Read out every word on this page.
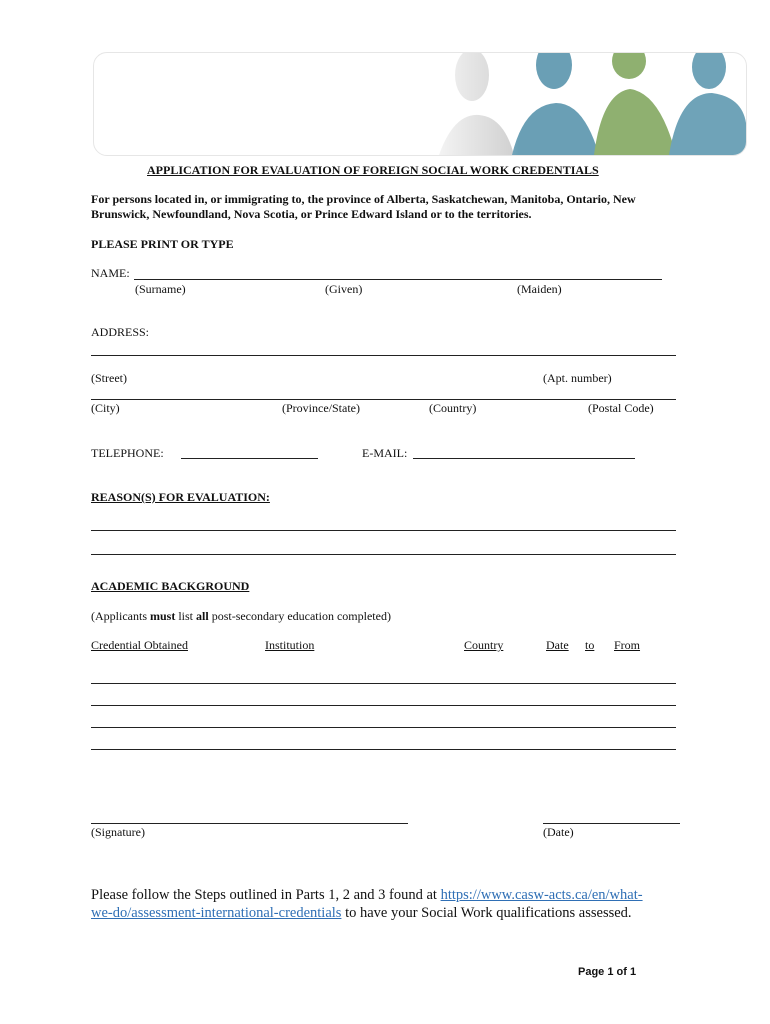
APPLICATION FOR EVALUATION OF FOREIGN SOCIAL WORK CREDENTIALS
For persons located in, or immigrating to, the province of Alberta, Saskatchewan, Manitoba, Ontario, New
Brunswick, Newfoundland, Nova Scotia, or Prince Edward Island or to the territories.
PLEASE PRINT OR TYPE
NAME:
(Surname)	(Given)	(Maiden)
ADDRESS:
(Street)	(Apt. number)
(City)	(Province/State)	(Country)	(Postal Code)
TELEPHONE:	E-MAIL:
REASON(S) FOR EVALUATION:
ACADEMIC BACKGROUND
(Applicants must list all post-secondary education completed)
Credential Obtained	Institution	Country	Date to From
(Signature)	(Date)
Please follow the Steps outlined in Parts 1, 2 and 3 found at https://www.casw-acts.ca/en/what-
we-do/assessment-international-credentials to have your Social Work qualifications assessed.
Page 1 of 1
